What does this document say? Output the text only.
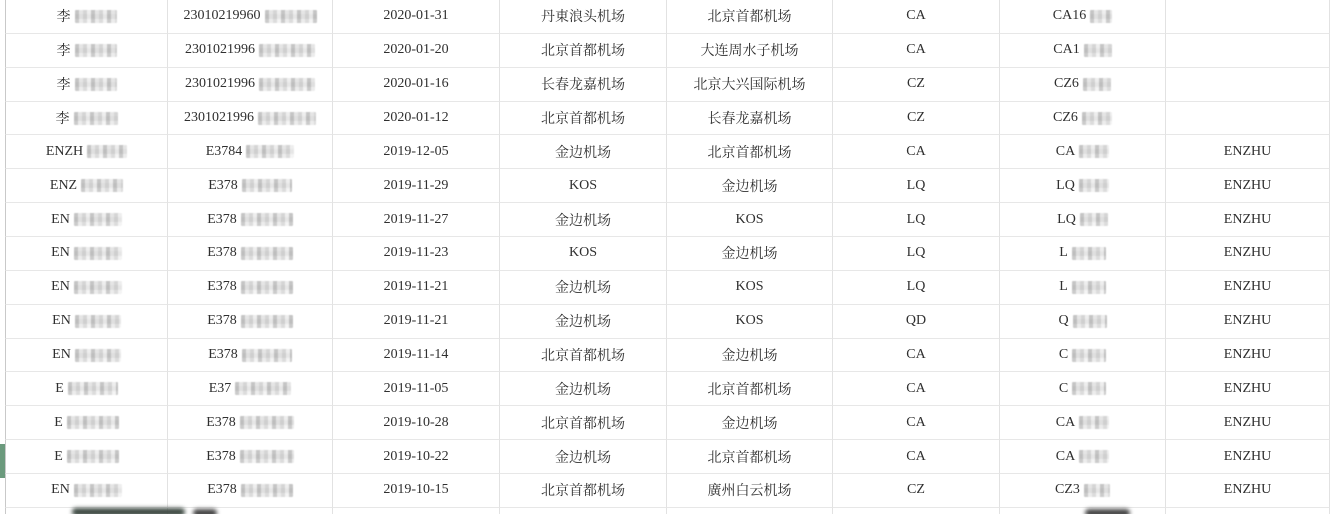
李	23010219960	2020-01-31	丹東浪头机场	北京首都机场	CA	CA16
李	2301021996	2020-01-20	北京首都机场	大连周水子机场	CA	CA1
李	2301021996	2020-01-16	长春龙嘉机场	北京大兴国际机场	CZ	CZ6
李	2301021996	2020-01-12	北京首都机场	长春龙嘉机场	CZ	CZ6
ENZH	E3784	2019-12-05	金边机场	北京首都机场	CA	CA	ENZHU
ENZ	E378	2019-11-29	KOS	金边机场	LQ	LQ	ENZHU
EN	E378	2019-11-27	金边机场	KOS	LQ	LQ	ENZHU
EN	E378	2019-11-23	KOS	金边机场	LQ	L	ENZHU
EN	E378	2019-11-21	金边机场	KOS	LQ	L	ENZHU
EN	E378	2019-11-21	金边机场	KOS	QD	Q	ENZHU
EN	E378	2019-11-14	北京首都机场	金边机场	CA	C	ENZHU
E	E37	2019-11-05	金边机场	北京首都机场	CA	C	ENZHU
E	E378	2019-10-28	北京首都机场	金边机场	CA	CA	ENZHU
E	E378	2019-10-22	金边机场	北京首都机场	CA	CA	ENZHU
EN	E378	2019-10-15	北京首都机场	廣州白云机场	CZ	CZ3	ENZHU
